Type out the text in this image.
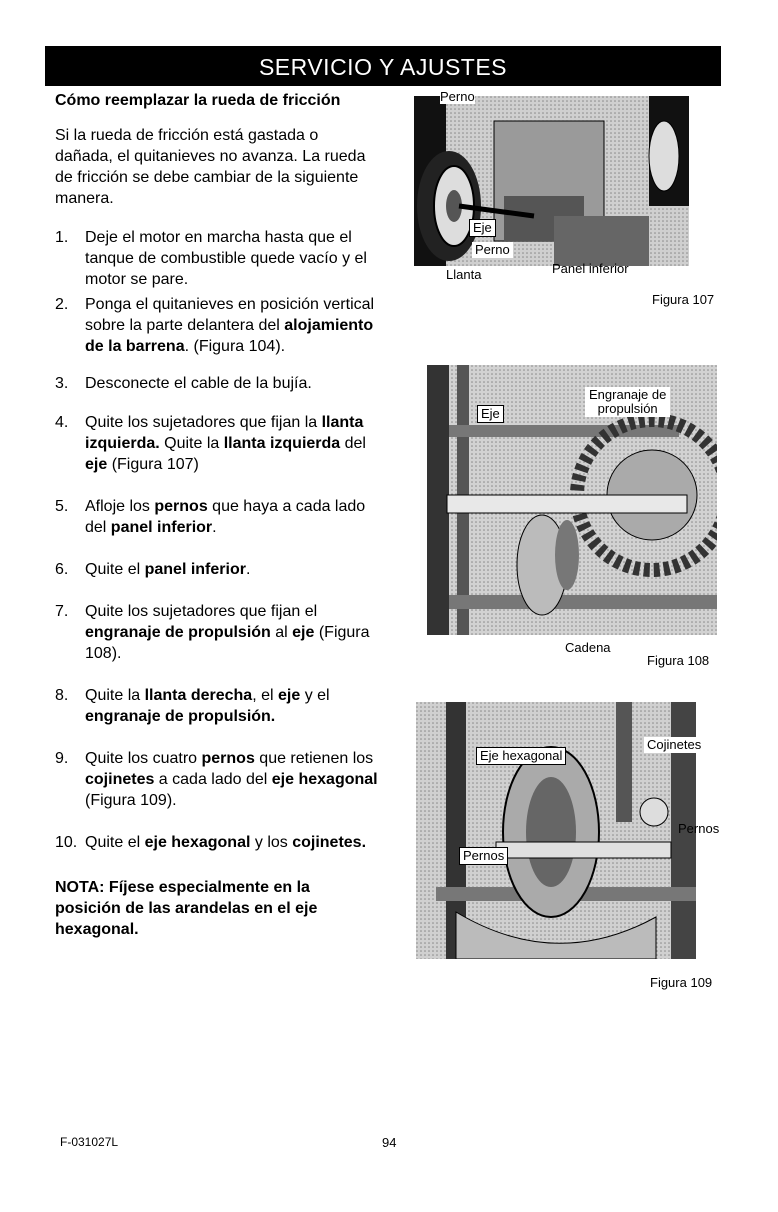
SERVICIO Y AJUSTES

Cómo reemplazar la rueda de fricción

Si la rueda de fricción está gastada o dañada, el quitanieves no avanza. La rueda de fricción se debe cambiar de la siguiente manera.

1. Deje el motor en marcha hasta que el tanque de combustible quede vacío y el motor se pare.

2. Ponga el quitanieves en posición vertical sobre la parte delantera del alojamiento de la barrena. (Figura 104).

3. Desconecte el cable de la bujía.

4. Quite los sujetadores que fijan la llanta izquierda. Quite la llanta izquierda del eje (Figura 107)

5. Afloje los pernos que haya a cada lado del panel inferior.

6. Quite el panel inferior.

7. Quite los sujetadores que fijan el engranaje de propulsión al eje (Figura 108).

8. Quite la llanta derecha, el eje y el engranaje de propulsión.

9. Quite los cuatro pernos que retienen los cojinetes a cada lado del eje hexagonal (Figura 109).

10. Quite el eje hexagonal y los cojinetes.

NOTA: Fíjese especialmente en la posición de las arandelas en el eje hexagonal.

Perno
Eje
Perno
Llanta	Panel inferior
Figura 107
Eje
Engranaje de
propulsión
Cadena
Figura 108
Eje hexagonal
Cojinetes
Pernos
Pernos
Figura 109
F-031027L	94
